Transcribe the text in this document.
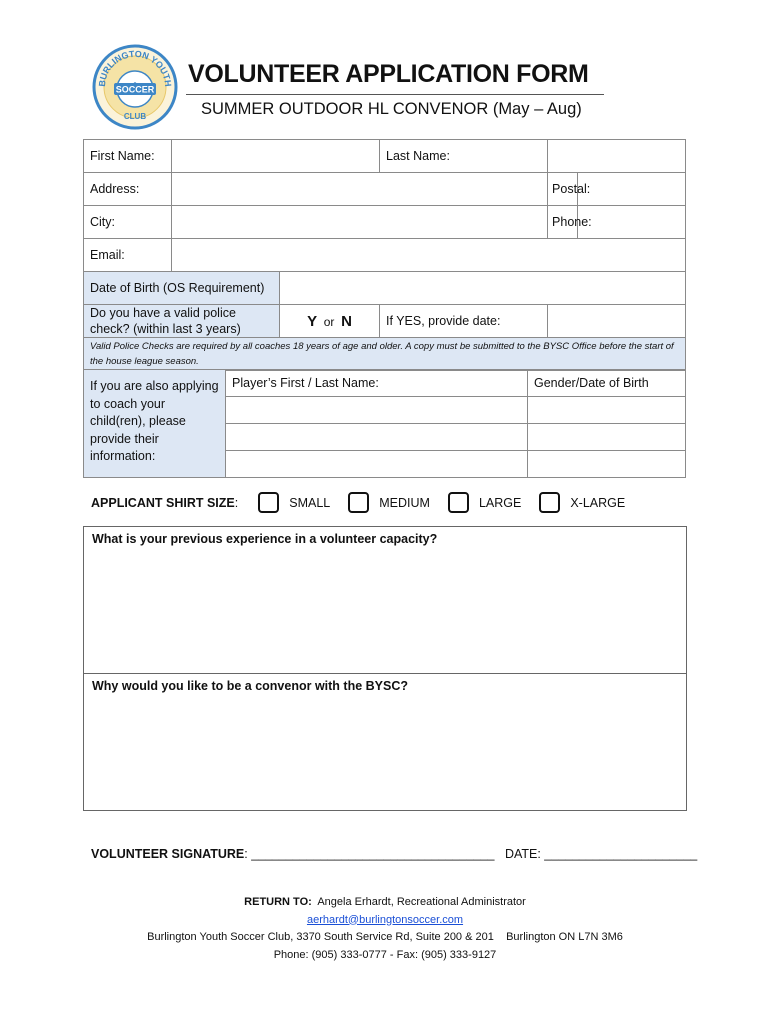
BURLINGTON YOUTH
SOCCER
CLUB
VOLUNTEER APPLICATION FORM
SUMMER OUTDOOR HL CONVENOR (May – Aug)
First Name:			Last Name:		
Address:				Postal:	
City:				Phone:	
Email:					
Date of Birth (OS Requirement)					
Do you have a valid police check? (within last 3 years)		Y or N	If YES, provide date:		
Valid Police Checks are required by all coaches 18 years of age and older. A copy must be submitted to the BYSC Office before the start of the house league season.					
If you are also applying to coach your child(ren), please provide their information:	Player’s First / Last Name:	Gender/Date of Birth

APPLICANT SHIRT SIZE:	SMALL	MEDIUM	LARGE	X-LARGE
What is your previous experience in a volunteer capacity?
Why would you like to be a convenor with the BYSC?
VOLUNTEER SIGNATURE: ___________________________________ DATE: ______________________
RETURN TO: Angela Erhardt, Recreational Administrator
aerhardt@burlingtonsoccer.com
Burlington Youth Soccer Club, 3370 South Service Rd, Suite 200 & 201    Burlington ON L7N 3M6
Phone: (905) 333-0777 - Fax: (905) 333-9127
